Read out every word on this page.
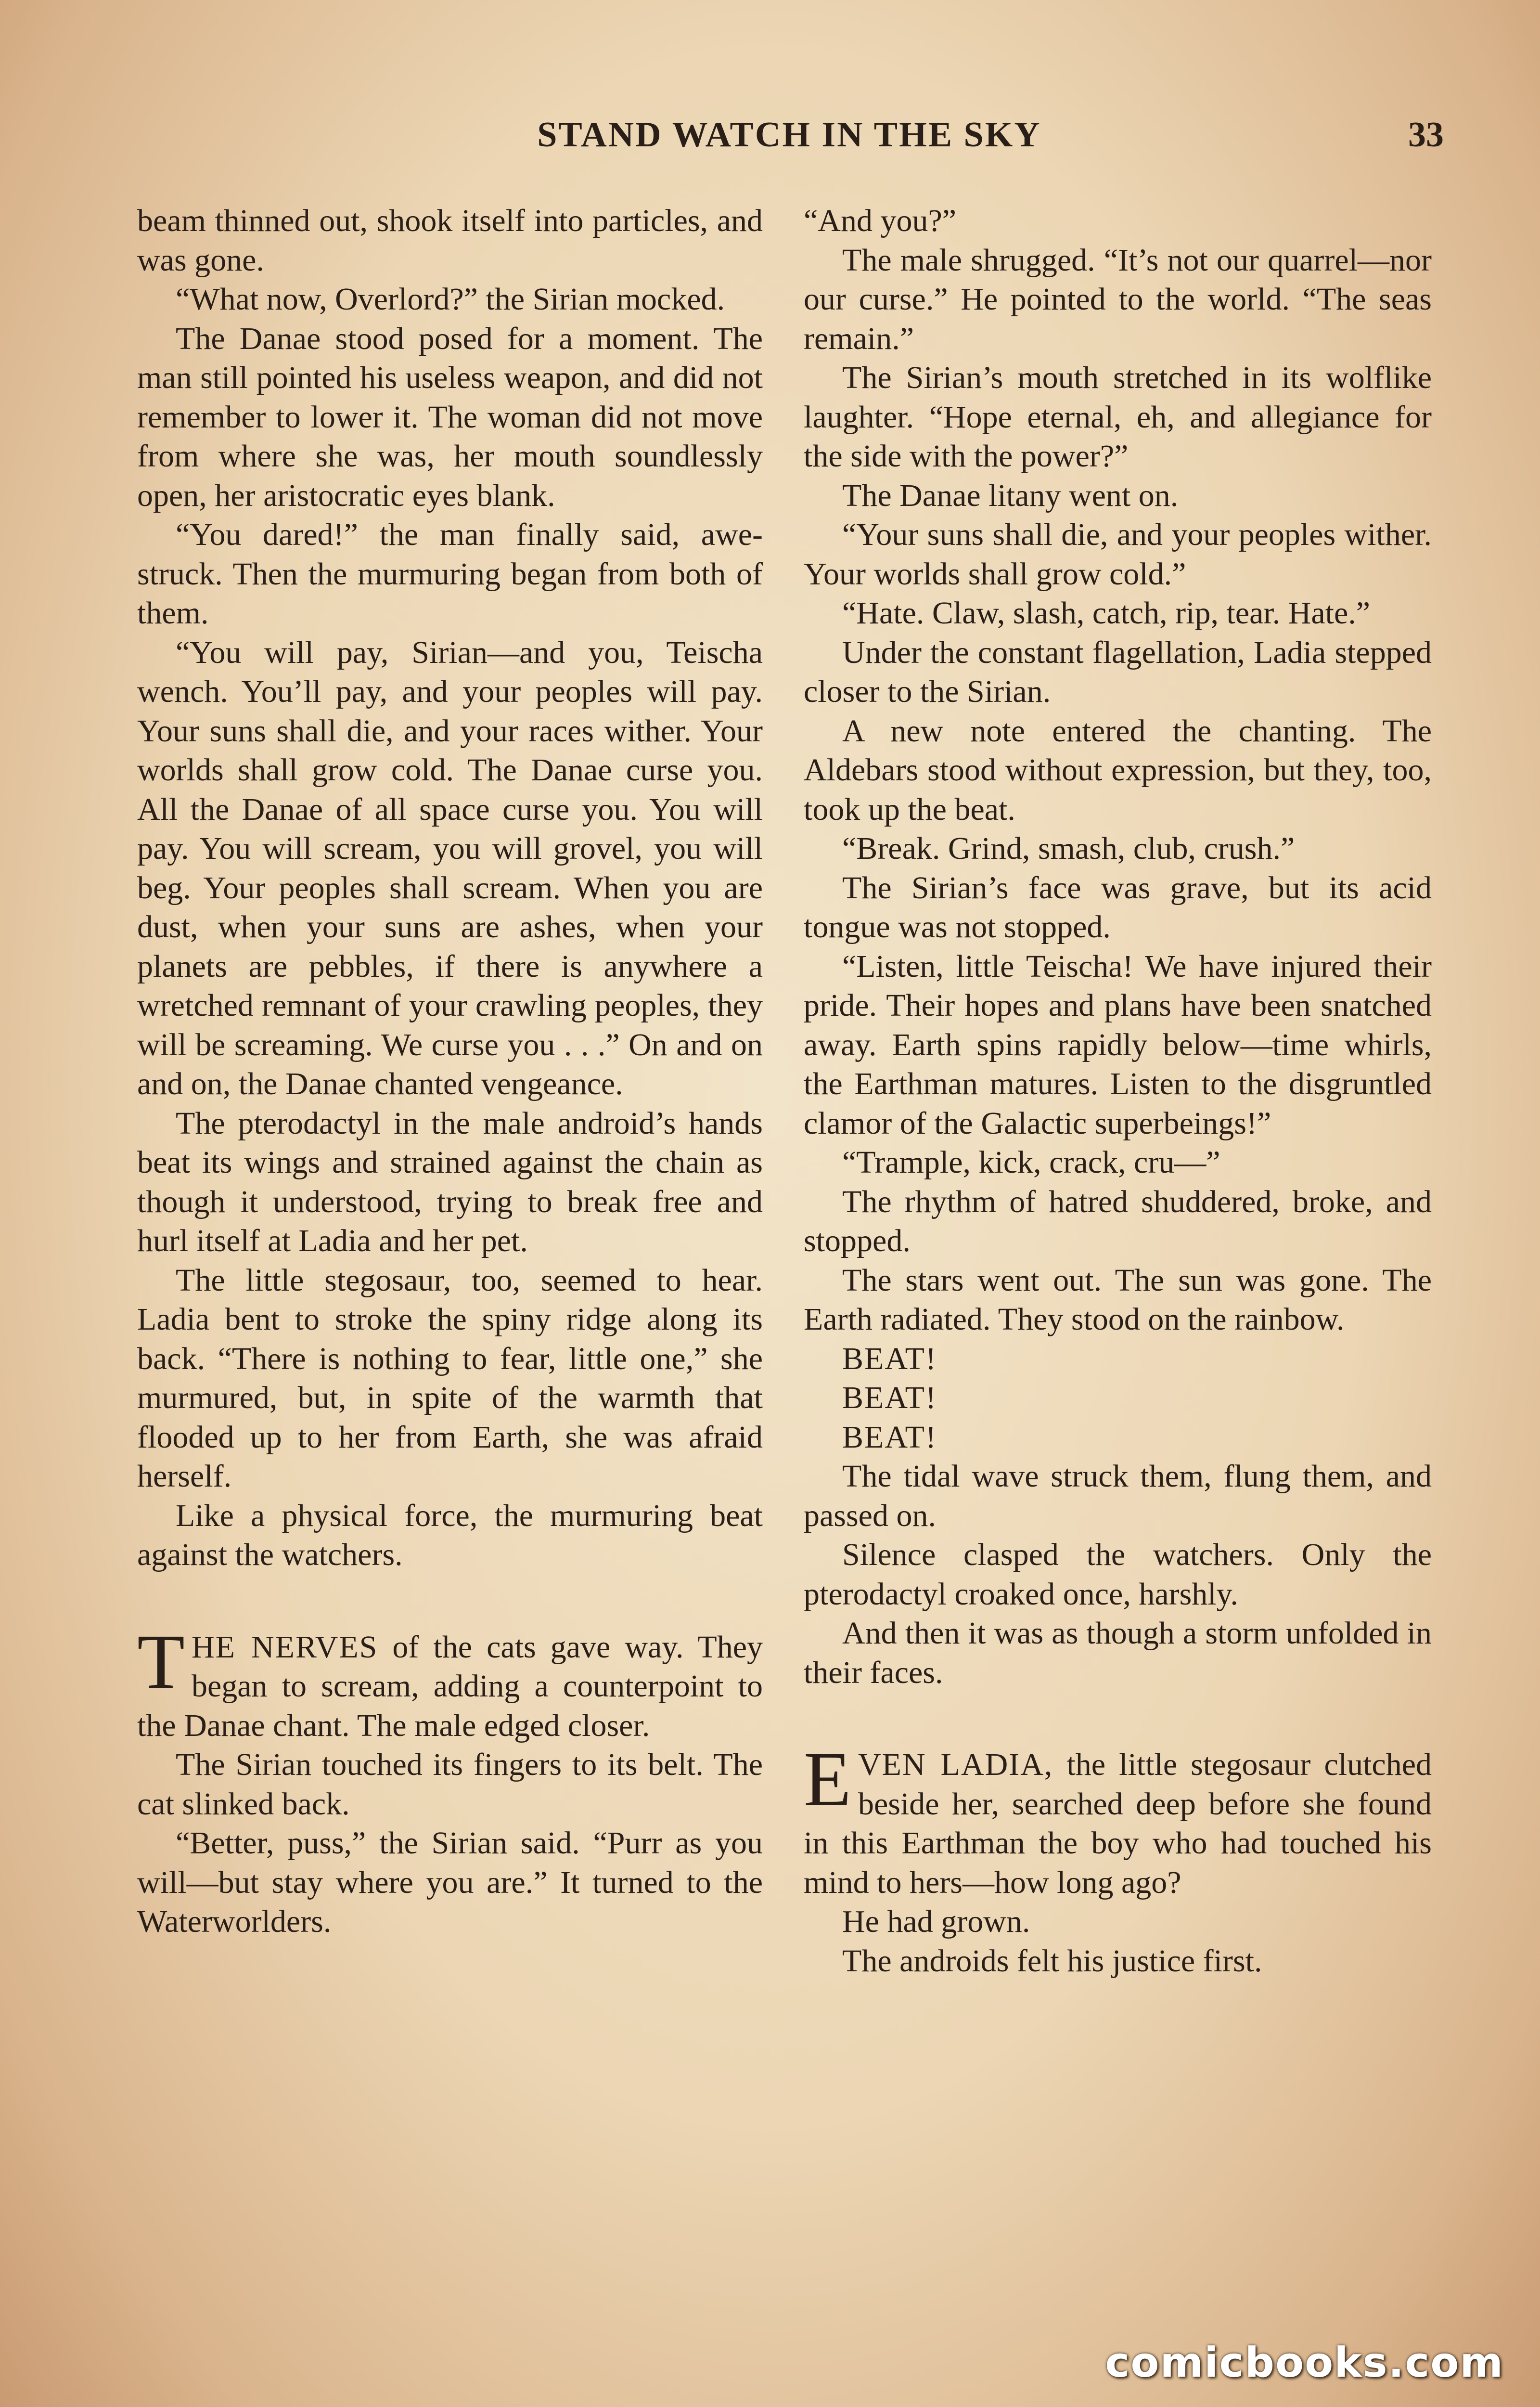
STAND WATCH IN THE SKY	33

beam thinned out, shook itself into particles, and was gone.

“What now, Overlord?” the Sirian mocked.

The Danae stood posed for a moment. The man still pointed his useless weapon, and did not remember to lower it. The woman did not move from where she was, her mouth soundlessly open, her aristocratic eyes blank.

“You dared!” the man finally said, awe-struck. Then the murmuring began from both of them.

“You will pay, Sirian—and you, Teischa wench. You’ll pay, and your peoples will pay. Your suns shall die, and your races wither. Your worlds shall grow cold. The Danae curse you. All the Danae of all space curse you. You will pay. You will scream, you will grovel, you will beg. Your peoples shall scream. When you are dust, when your suns are ashes, when your planets are pebbles, if there is anywhere a wretched remnant of your crawling peoples, they will be screaming. We curse you . . .” On and on and on, the Danae chanted vengeance.

The pterodactyl in the male android’s hands beat its wings and strained against the chain as though it understood, trying to break free and hurl itself at Ladia and her pet.

The little stegosaur, too, seemed to hear. Ladia bent to stroke the spiny ridge along its back. “There is nothing to fear, little one,” she murmured, but, in spite of the warmth that flooded up to her from Earth, she was afraid herself.

Like a physical force, the murmuring beat against the watchers.

THE NERVES of the cats gave way. They began to scream, adding a counterpoint to the Danae chant. The male edged closer.

The Sirian touched its fingers to its belt. The cat slinked back.

“Better, puss,” the Sirian said. “Purr as you will—but stay where you are.” It turned to the Waterworlders.

“And you?”

The male shrugged. “It’s not our quarrel—nor our curse.” He pointed to the world. “The seas remain.”

The Sirian’s mouth stretched in its wolflike laughter. “Hope eternal, eh, and allegiance for the side with the power?”

The Danae litany went on.

“Your suns shall die, and your peoples wither. Your worlds shall grow cold.”

“Hate. Claw, slash, catch, rip, tear. Hate.”

Under the constant flagellation, Ladia stepped closer to the Sirian.

A new note entered the chanting. The Aldebars stood without expression, but they, too, took up the beat.

“Break. Grind, smash, club, crush.”

The Sirian’s face was grave, but its acid tongue was not stopped.

“Listen, little Teischa! We have injured their pride. Their hopes and plans have been snatched away. Earth spins rapidly below—time whirls, the Earthman matures. Listen to the disgruntled clamor of the Galactic superbeings!”

“Trample, kick, crack, cru—”

The rhythm of hatred shuddered, broke, and stopped.

The stars went out. The sun was gone. The Earth radiated. They stood on the rainbow.

BEAT!

BEAT!

BEAT!

The tidal wave struck them, flung them, and passed on.

Silence clasped the watchers. Only the pterodactyl croaked once, harshly.

And then it was as though a storm unfolded in their faces.

EVEN LADIA, the little stegosaur clutched beside her, searched deep before she found in this Earthman the boy who had touched his mind to hers—how long ago?

He had grown.

The androids felt his justice first.

comicbooks.com
